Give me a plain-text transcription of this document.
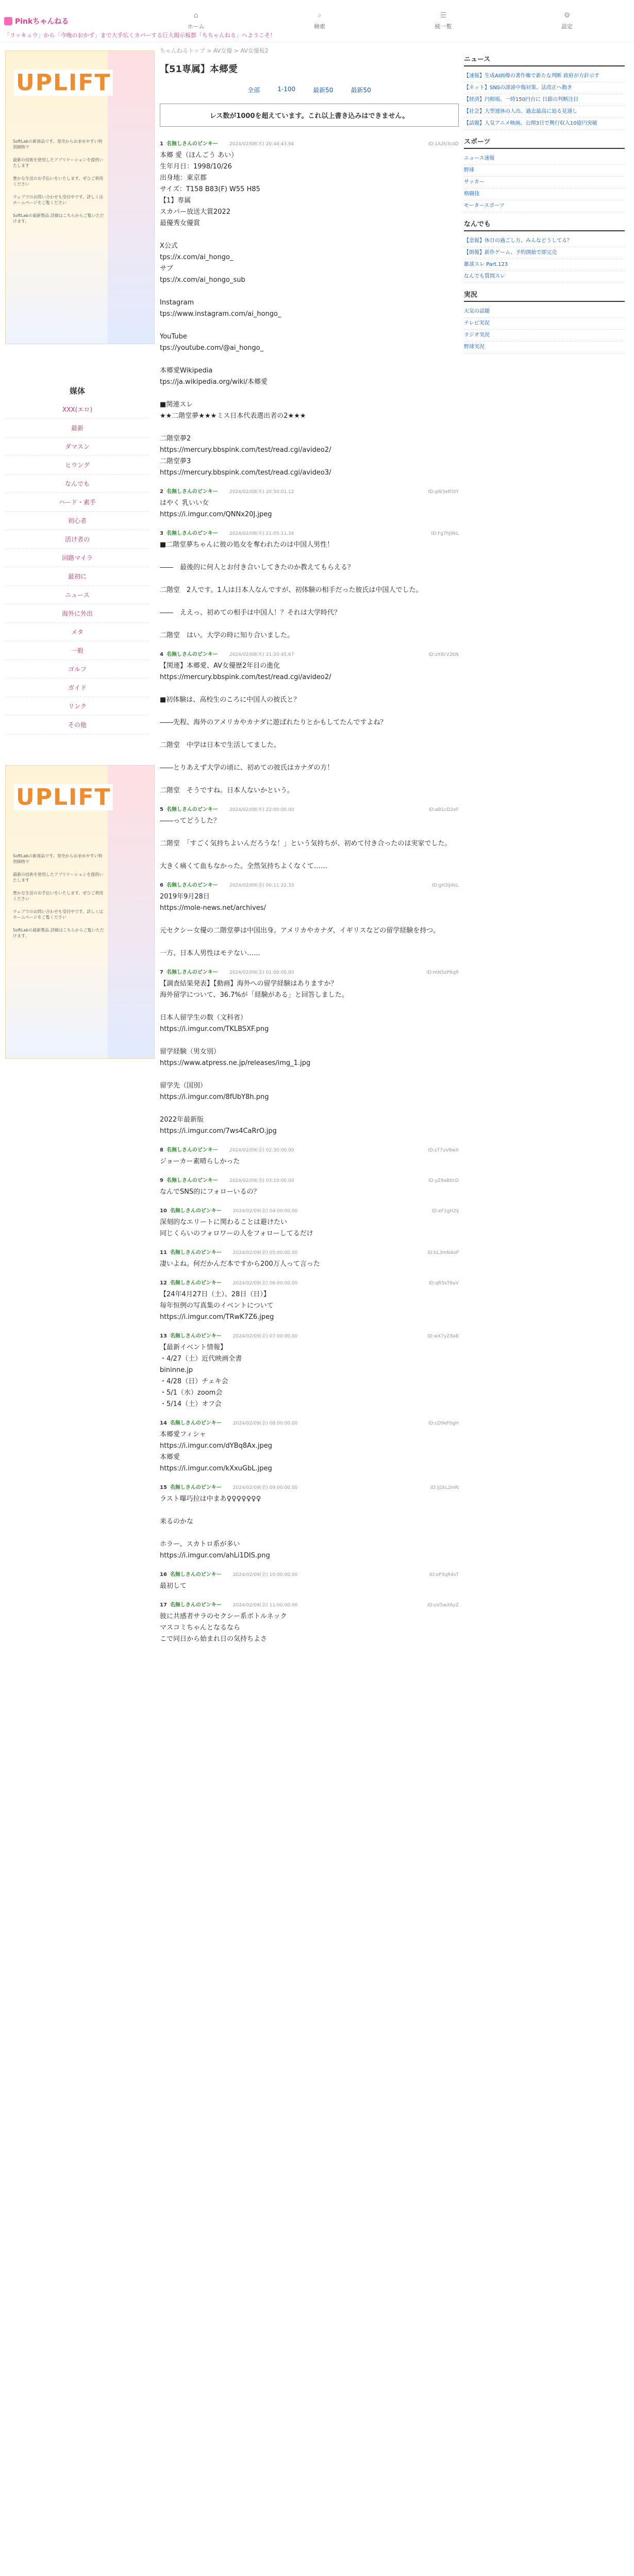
Pinkちゃんねる
⌂
ホーム
⌕
検索
☰
統一覧
⚙
設定
「リッキュウ」から「今晩のおかず」まで大手広くカバーする巨大掲示板群「ちちゃんねる」へようこそ！
UPLIFT

SoftLabの新商品です。発売からお求めやすい特別価格で

最新の技術を使用したアプリケーションを提供いたします

豊かな生活のお手伝いをいたします。ぜひご利用ください

ウェブでのお問い合わせも受付中です。詳しくはホームページをご覧ください

SoftLabの最新製品 詳細はこちらからご覧いただけます。

媒体
XXX(エロ)
最新
ダマスン
ヒウング
なんでも
ハード・素手
初心者
活け者の
回路マイラ
最初に
ニュース
海外に外出
メタ
一般
ゴルフ
ガイド
リンク
その他
UPLIFT

SoftLabの新商品です。発売からお求めやすい特別価格で

最新の技術を使用したアプリケーションを提供いたします

豊かな生活のお手伝いをいたします。ぜひご利用ください

ウェブでのお問い合わせも受付中です。詳しくはホームページをご覧ください

SoftLabの最新製品 詳細はこちらからご覧いただけます。

ちゃんねるトップ > AV女優 > AV女優板2
【51専属】本郷愛
全部	1-100	最新50	最新50
レス数が1000を超えています。これ以上書き込みはできません。
1 名無しさんのピンキー 2024/02/08(木) 20:48:43.94	ID:1A2b3c4D
本郷 愛（ほんごう あい）
生年月日：1998/10/26
出身地：東京都
サイズ：T158 B83(F) W55 H85
【1】専属
スカパー放送大賞2022
最優秀女優賞

X公式
tps://x.com/ai_hongo_
サブ
tps://x.com/ai_hongo_sub

Instagram
tps://www.instagram.com/ai_hongo_

YouTube
tps://youtube.com/@ai_hongo_

本郷愛Wikipedia
tps://ja.wikipedia.org/wiki/本郷愛

■関連スレ
★★二階堂夢★★★ミス日本代表選出者の2★★★

二階堂夢2
https://mercury.bbspink.com/test/read.cgi/avideo2/
二階堂夢3
https://mercury.bbspink.com/test/read.cgi/avideo3/
2 名無しさんのピンキー 2024/02/08(木) 20:50:01.12	ID:qW3eR5tY
はやく 乳いい女
https://i.imgur.com/QNNx20J.jpeg
3 名無しさんのピンキー 2024/02/08(木) 21:05:11.34	ID:Fg7hJ9kL
■二階堂夢ちゃんに彼の処女を奪われたのは中国人男性！

――　最後的に何人とお付き合いしてきたのか教えてもらえる？

二階堂　2人です。1人は日本人なんですが、初体験の相手だった彼氏は中国人でした。

――　ええっ、初めての相手は中国人！？それは大学時代？

二階堂　はい。大学の時に知り合いました。
4 名無しさんのピンキー 2024/02/08(木) 21:20:45.67	ID:zX8cV2bN
【関連】本郷愛、AV女優歴2年目の進化
https://mercury.bbspink.com/test/read.cgi/avideo2/

■初体験は、高校生のころに中国人の彼氏と？

――先程、海外のアメリカやカナダに遊ばれたりとかもしてたんですよね？

二階堂　中学は日本で生活してました。

――とりあえず大学の頃に、初めての彼氏はカナダの方！

二階堂　そうですね。日本人ないかという。
5 名無しさんのピンキー 2024/02/08(木) 22:00:00.00	ID:aB1cD2eF
――ってどうした？

二階堂　「すごく気持ちよいんだろうな！」という気持ちが、初めて付き合ったのは実家でした。

大きく痛くて血もなかった。全然気持ちよくなくて……
6 名無しさんのピンキー 2024/02/09(金) 00:11:22.33	ID:gH3iJ4kL
2019年9月28日
https://mole-news.net/archives/

元セクシー女優の二階堂夢は中国出身。アメリカやカナダ、イギリスなどの留学経験を持つ。

一方、日本人男性はモテない……
7 名無しさんのピンキー 2024/02/09(金) 01:00:00.00	ID:mN5oP6qR
【調査結果発表】【動画】海外への留学経験はありますか？
海外留学について、36.7%が「経験がある」と回答しました。

日本人留学生の数（文科省）
https://i.imgur.com/TKLBSXF.png

留学経験（男女別）
https://www.atpress.ne.jp/releases/img_1.jpg

留学先（国別）
https://i.imgur.com/8fUbY8h.png

2022年最新版
https://i.imgur.com/7ws4CaRrO.jpg
8 名無しさんのピンキー 2024/02/09(金) 02:30:00.00	ID:sT7uV8wX
ジョーカー素晴らしかった
9 名無しさんのピンキー 2024/02/09(金) 03:10:00.00	ID:yZ9aB0cD
なんでSNS的にフォローいるの？
10 名無しさんのピンキー 2024/02/09(金) 04:00:00.00	ID:eF1gH2iJ
深刻的なエリートに関わることは避けたい
同じくらいのフォロワーの人をフォローしてるだけ
11 名無しさんのピンキー 2024/02/09(金) 05:00:00.00	ID:kL3mN4oP
凄いよね。何だかんだ本ですから200万人って言った
12 名無しさんのピンキー 2024/02/09(金) 06:00:00.00	ID:qR5sT6uV
【24年4月27日（土）、28日（日）】
毎年恒例の写真集のイベントについて
https://i.imgur.com/TRwK7Z6.jpeg
13 名無しさんのピンキー 2024/02/09(金) 07:00:00.00	ID:wX7yZ8aB
【最新イベント情報】
・4/27（土）近代映画全書
bininne.jp
・4/28（日）チェキ会
・5/1（水）zoom会
・5/14（土）オフ会
14 名無しさんのピンキー 2024/02/09(金) 08:00:00.00	ID:cD9eF0gH
本郷愛フィシャ
https://i.imgur.com/dYBq8Ax.jpeg
本郷愛
https://i.imgur.com/kXxuGbL.jpeg
15 名無しさんのピンキー 2024/02/09(金) 09:00:00.00	ID:iJ1kL2mN
ラスト曝巧拉は中まあ♀♀♀♀♀♀♀

来るのかな

ホラー、スカトロ系が多い
https://i.imgur.com/ahLi1DIS.png
16 名無しさんのピンキー 2024/02/09(金) 10:00:00.00	ID:oP3qR4sT
最初して
17 名無しさんのピンキー 2024/02/09(金) 11:00:00.00	ID:uV5wX6yZ
彼に共感者サラのセクシー系ボトルネック
マスコミちゃんとなるなら
こで同日から始まれ日の気持ちよさ
ニュース
【速報】生成AI画像の著作権で新たな判断 政府が方針示す
【ネット】SNSの誹謗中傷対策、法改正へ動き
【経済】円相場、一時150円台に 日銀の判断注目
【社会】大型連休の人出、過去最高に迫る見通し
【話題】人気アニメ映画、公開3日で興行収入10億円突破
スポーツ
ニュース速報
野球
サッカー
格闘技
モータースポーツ
なんでも
【悲報】休日の過ごし方、みんなどうしてる？
【朗報】新作ゲーム、予約開始で即完売
雑談スレ Part.123
なんでも質問スレ
実況
天気の話題
テレビ実況
ラジオ実況
野球実況
